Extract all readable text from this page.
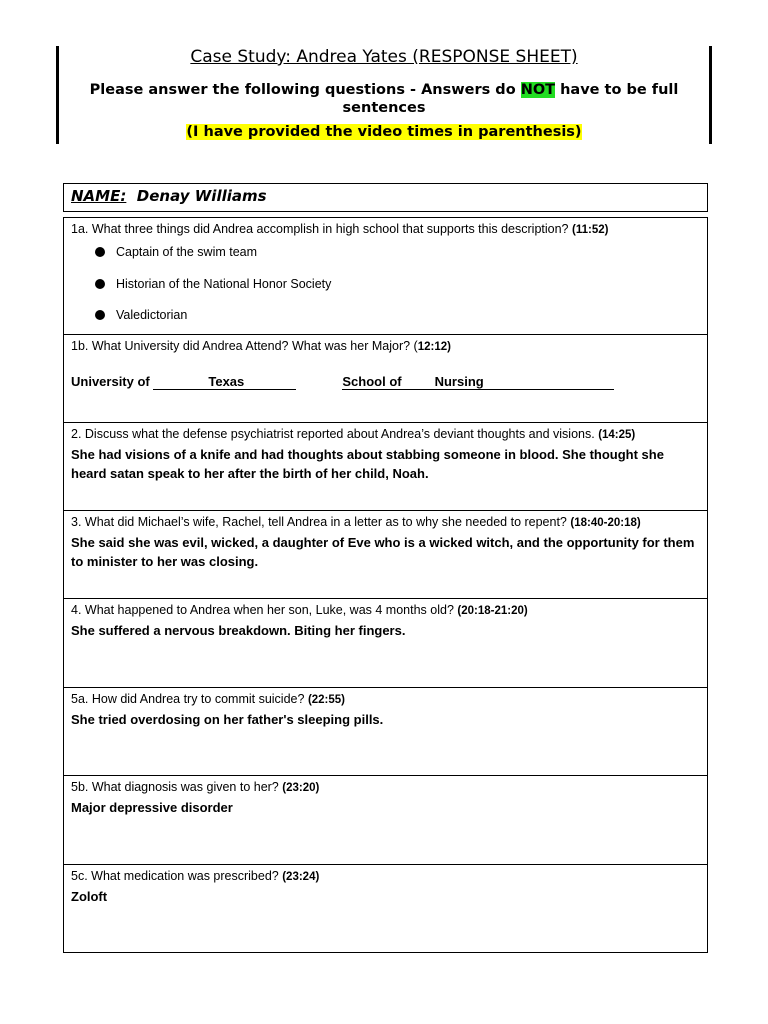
Case Study: Andrea Yates (RESPONSE SHEET)
Please answer the following questions - Answers do NOT have to be full sentences
(I have provided the video times in parenthesis)
NAME: Denay Williams
1a. What three things did Andrea accomplish in high school that supports this description? (11:52)
Captain of the swim team
Historian of the National Honor Society
Valedictorian
1b. What University did Andrea Attend? What was her Major? (12:12)
University of	Texas	School of	Nursing
2. Discuss what the defense psychiatrist reported about Andrea’s deviant thoughts and visions. (14:25)
She had visions of a knife and had thoughts about stabbing someone in blood. She thought she heard satan speak to her after the birth of her child, Noah.
3. What did Michael’s wife, Rachel, tell Andrea in a letter as to why she needed to repent? (18:40-20:18)
She said she was evil, wicked, a daughter of Eve who is a wicked witch, and the opportunity for them to minister to her was closing.
4. What happened to Andrea when her son, Luke, was 4 months old? (20:18-21:20)
She suffered a nervous breakdown. Biting her fingers.
5a. How did Andrea try to commit suicide? (22:55)
She tried overdosing on her father's sleeping pills.
5b. What diagnosis was given to her? (23:20)
Major depressive disorder
5c. What medication was prescribed? (23:24)
Zoloft
